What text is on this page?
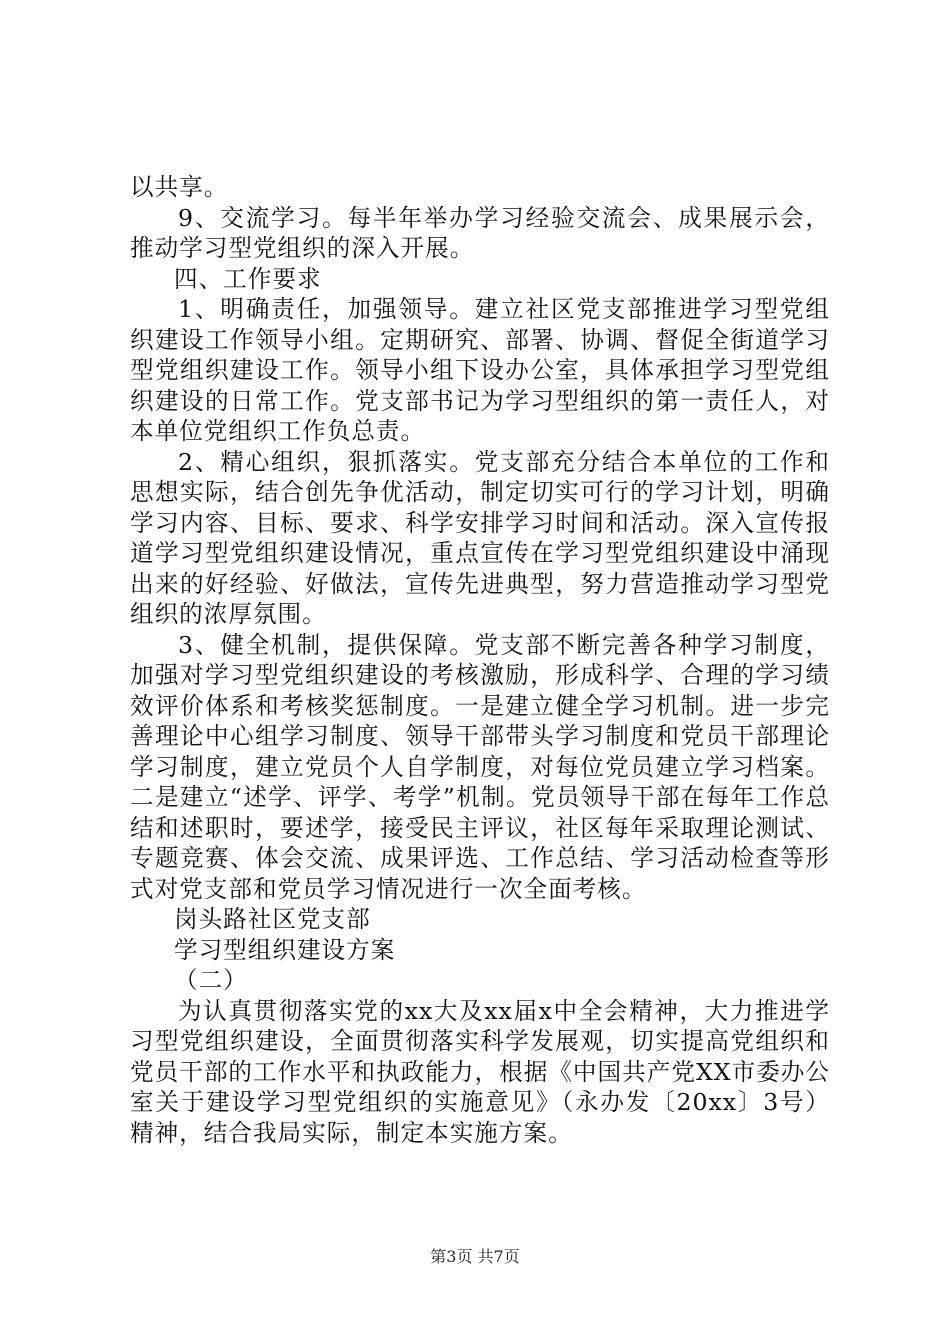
以共享。

9、交流学习。每半年举办学习经验交流会、成果展示会，推动学习型党组织的深入开展。

四、工作要求

1、明确责任，加强领导。建立社区党支部推进学习型党组织建设工作领导小组。定期研究、部署、协调、督促全街道学习型党组织建设工作。领导小组下设办公室，具体承担学习型党组织建设的日常工作。党支部书记为学习型组织的第一责任人，对本单位党组织工作负总责。

2、精心组织，狠抓落实。党支部充分结合本单位的工作和思想实际，结合创先争优活动，制定切实可行的学习计划，明确学习内容、目标、要求、科学安排学习时间和活动。深入宣传报道学习型党组织建设情况，重点宣传在学习型党组织建设中涌现出来的好经验、好做法，宣传先进典型，努力营造推动学习型党组织的浓厚氛围。

3、健全机制，提供保障。党支部不断完善各种学习制度，加强对学习型党组织建设的考核激励，形成科学、合理的学习绩效评价体系和考核奖惩制度。一是建立健全学习机制。进一步完善理论中心组学习制度、领导干部带头学习制度和党员干部理论学习制度，建立党员个人自学制度，对每位党员建立学习档案。二是建立“述学、评学、考学”机制。党员领导干部在每年工作总结和述职时，要述学，接受民主评议，社区每年采取理论测试、专题竞赛、体会交流、成果评选、工作总结、学习活动检查等形式对党支部和党员学习情况进行一次全面考核。

岗头路社区党支部

学习型组织建设方案

（二）

为认真贯彻落实党的xx大及xx届x中全会精神，大力推进学习型党组织建设，全面贯彻落实科学发展观，切实提高党组织和党员干部的工作水平和执政能力，根据《中国共产党XX市委办公室关于建设学习型党组织的实施意见》（永办发〔20xx〕3号）精神，结合我局实际，制定本实施方案。

第3页 共7页
